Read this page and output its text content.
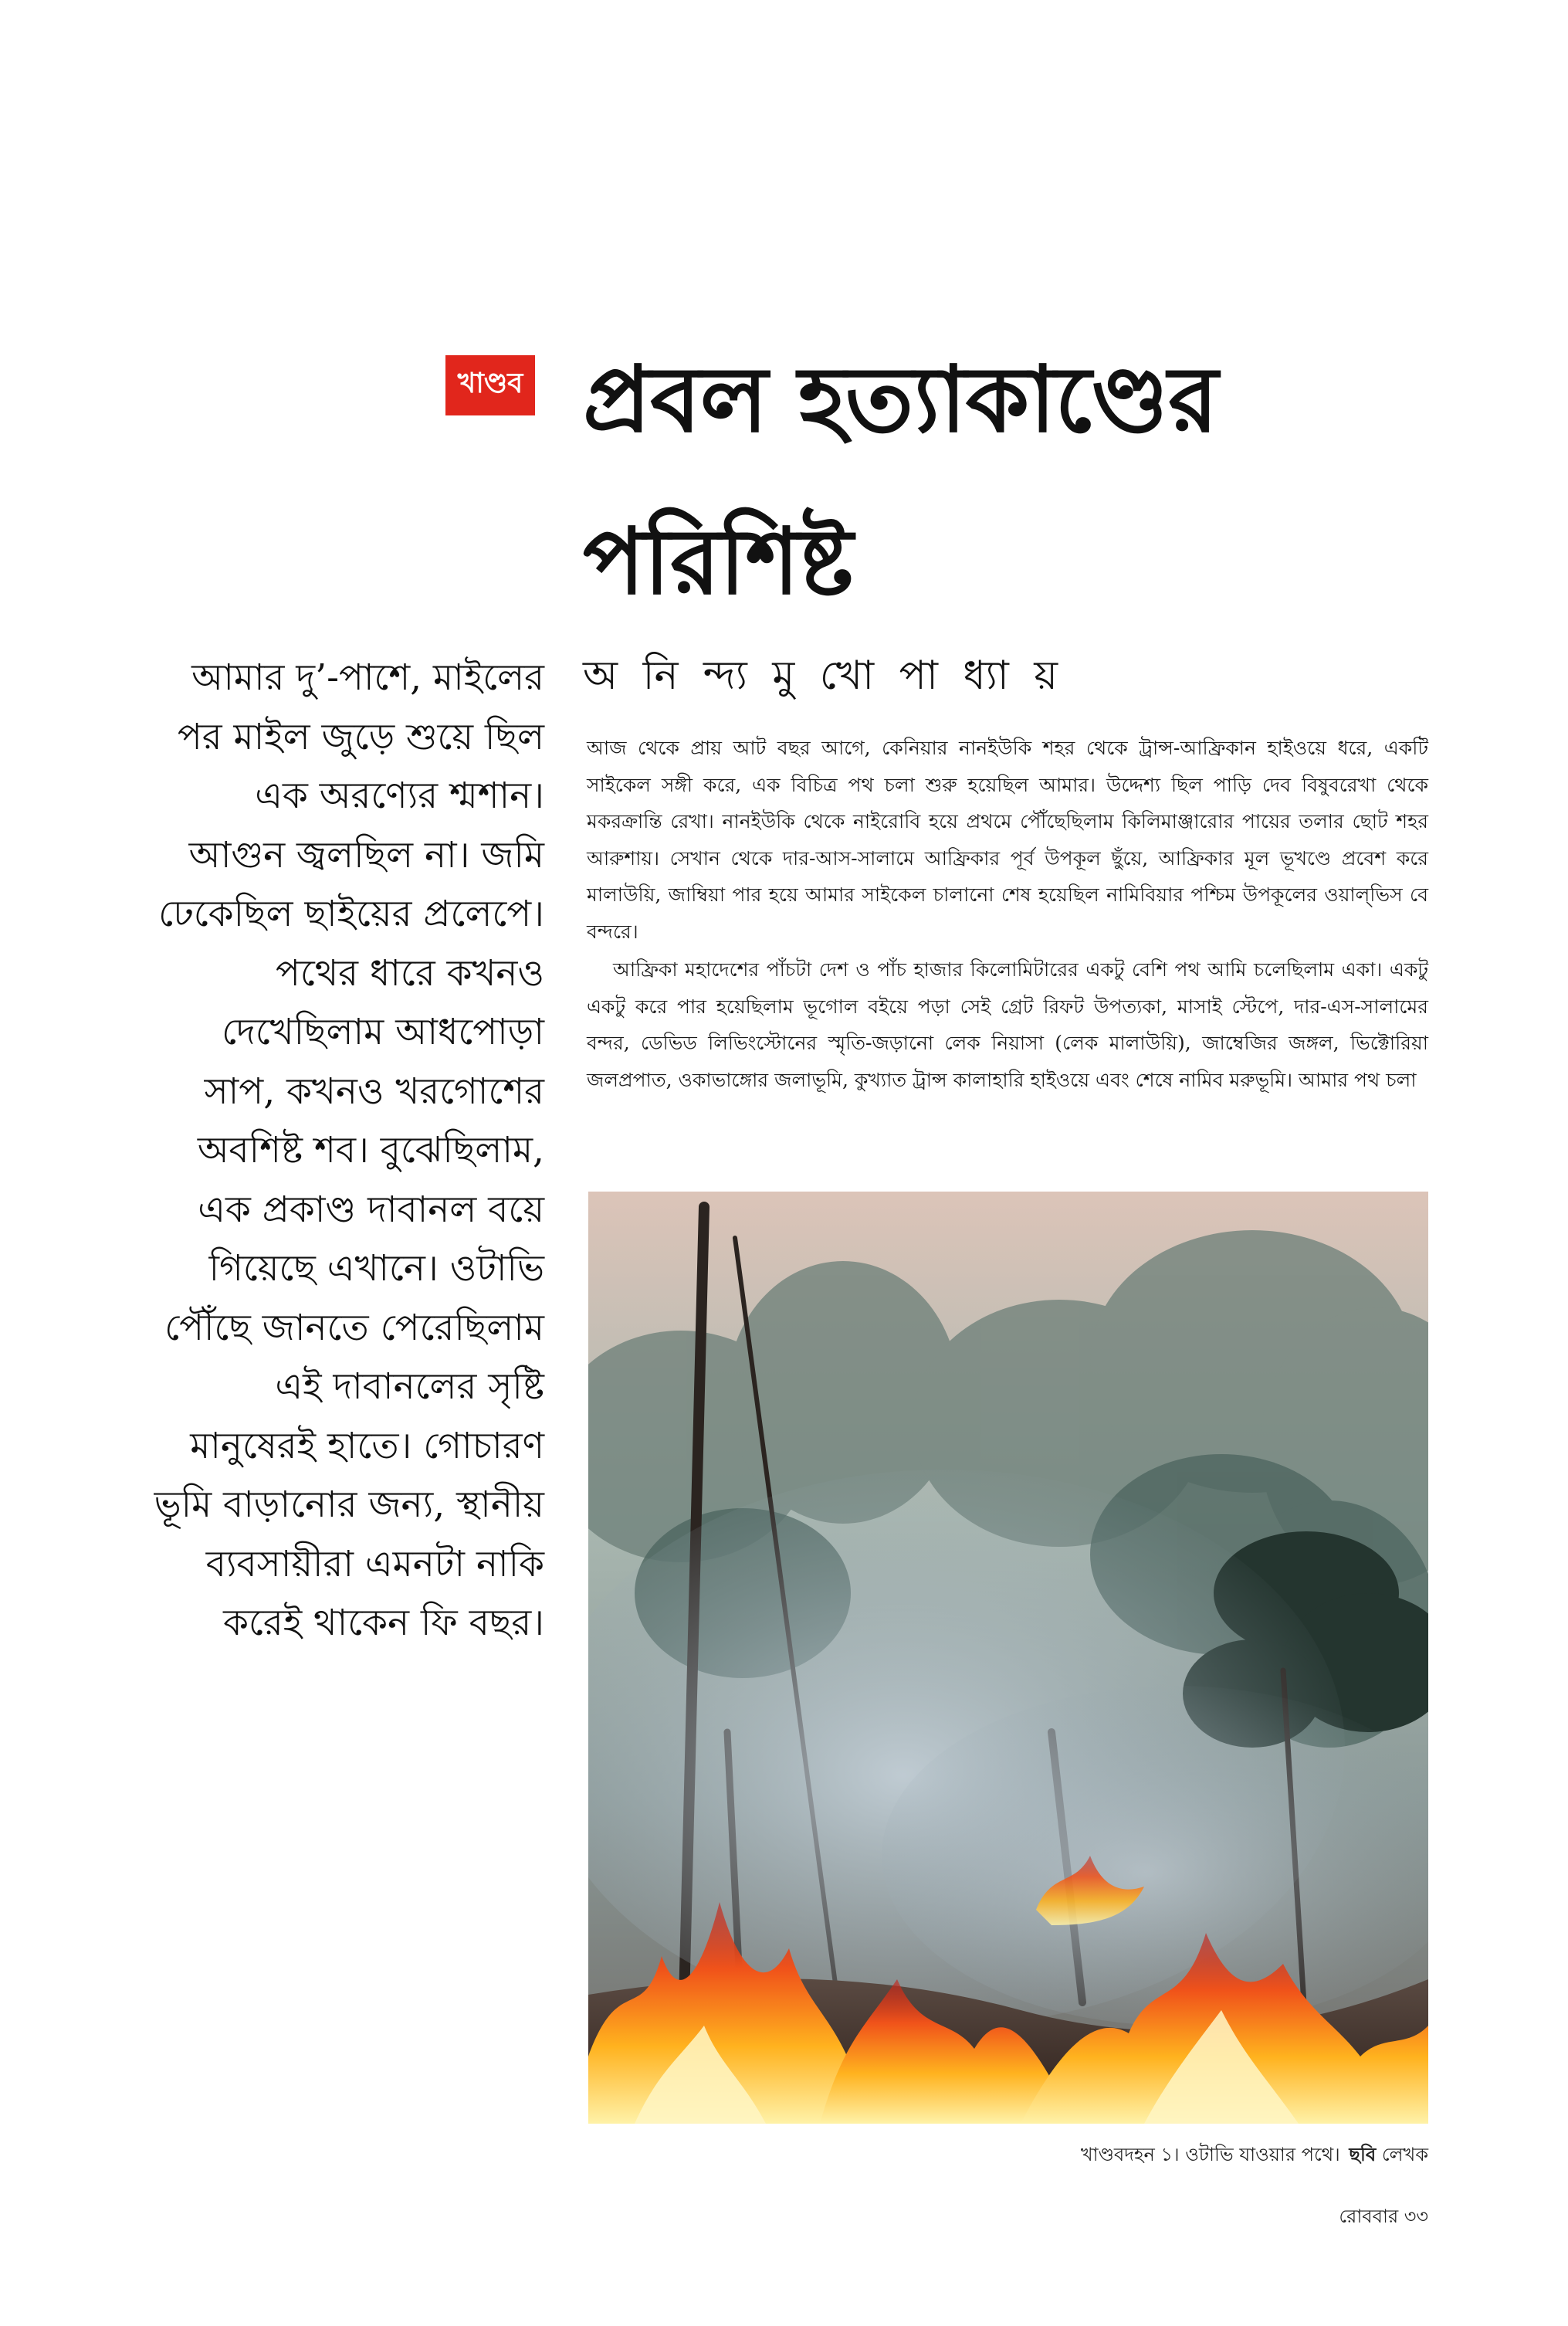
খাণ্ডব প্রবল হত্যাকাণ্ডের
পরিশিষ্ট
অ নি ন্দ্য মু খো পা ধ্যা য়

আমার দু’-পাশে, মাইলের পর মাইল জুড়ে শুয়ে ছিল এক অরণ্যের শ্মশান। আগুন জ্বলছিল না। জমি ঢেকেছিল ছাইয়ের প্রলেপে। পথের ধারে কখনও দেখেছিলাম আধপোড়া সাপ, কখনও খরগোশের অবশিষ্ট শব। বুঝেছিলাম, এক প্রকাণ্ড দাবানল বয়ে গিয়েছে এখানে। ওটাভি পৌঁছে জানতে পেরেছিলাম এই দাবানলের সৃষ্টি মানুষেরই হাতে। গোচারণ ভূমি বাড়ানোর জন্য, স্থানীয় ব্যবসায়ীরা এমনটা নাকি করেই থাকেন ফি বছর।

আজ থেকে প্রায় আট বছর আগে, কেনিয়ার নানইউকি শহর থেকে ট্রান্স-আফ্রিকান হাইওয়ে ধরে, একটি সাইকেল সঙ্গী করে, এক বিচিত্র পথ চলা শুরু হয়েছিল আমার। উদ্দেশ্য ছিল পাড়ি দেব বিষুবরেখা থেকে মকরক্রান্তি রেখা। নানইউকি থেকে নাইরোবি হয়ে প্রথমে পৌঁছেছিলাম কিলিমাঞ্জারোর পায়ের তলার ছোট শহর আরুশায়। সেখান থেকে দার-আস-সালামে আফ্রিকার পূর্ব উপকূল ছুঁয়ে, আফ্রিকার মূল ভূখণ্ডে প্রবেশ করে মালাউয়ি, জাম্বিয়া পার হয়ে আমার সাইকেল চালানো শেষ হয়েছিল নামিবিয়ার পশ্চিম উপকূলের ওয়াল্‌ভিস বে বন্দরে।

আফ্রিকা মহাদেশের পাঁচটা দেশ ও পাঁচ হাজার কিলোমিটারের একটু বেশি পথ আমি চলেছিলাম একা। একটু একটু করে পার হয়েছিলাম ভূগোল বইয়ে পড়া সেই গ্রেট রিফট উপত্যকা, মাসাই স্টেপে, দার-এস-সালামের বন্দর, ডেভিড লিভিংস্টোনের স্মৃতি-জড়ানো লেক নিয়াসা (লেক মালাউয়ি), জাম্বেজির জঙ্গল, ভিক্টোরিয়া জলপ্রপাত, ওকাভাঙ্গোর জলাভূমি, কুখ্যাত ট্রান্স কালাহারি হাইওয়ে এবং শেষে নামিব মরুভূমি। আমার পথ চলা

খাণ্ডবদহন ১। ওটাভি যাওয়ার পথে। ছবি লেখক
রোববার ৩৩
